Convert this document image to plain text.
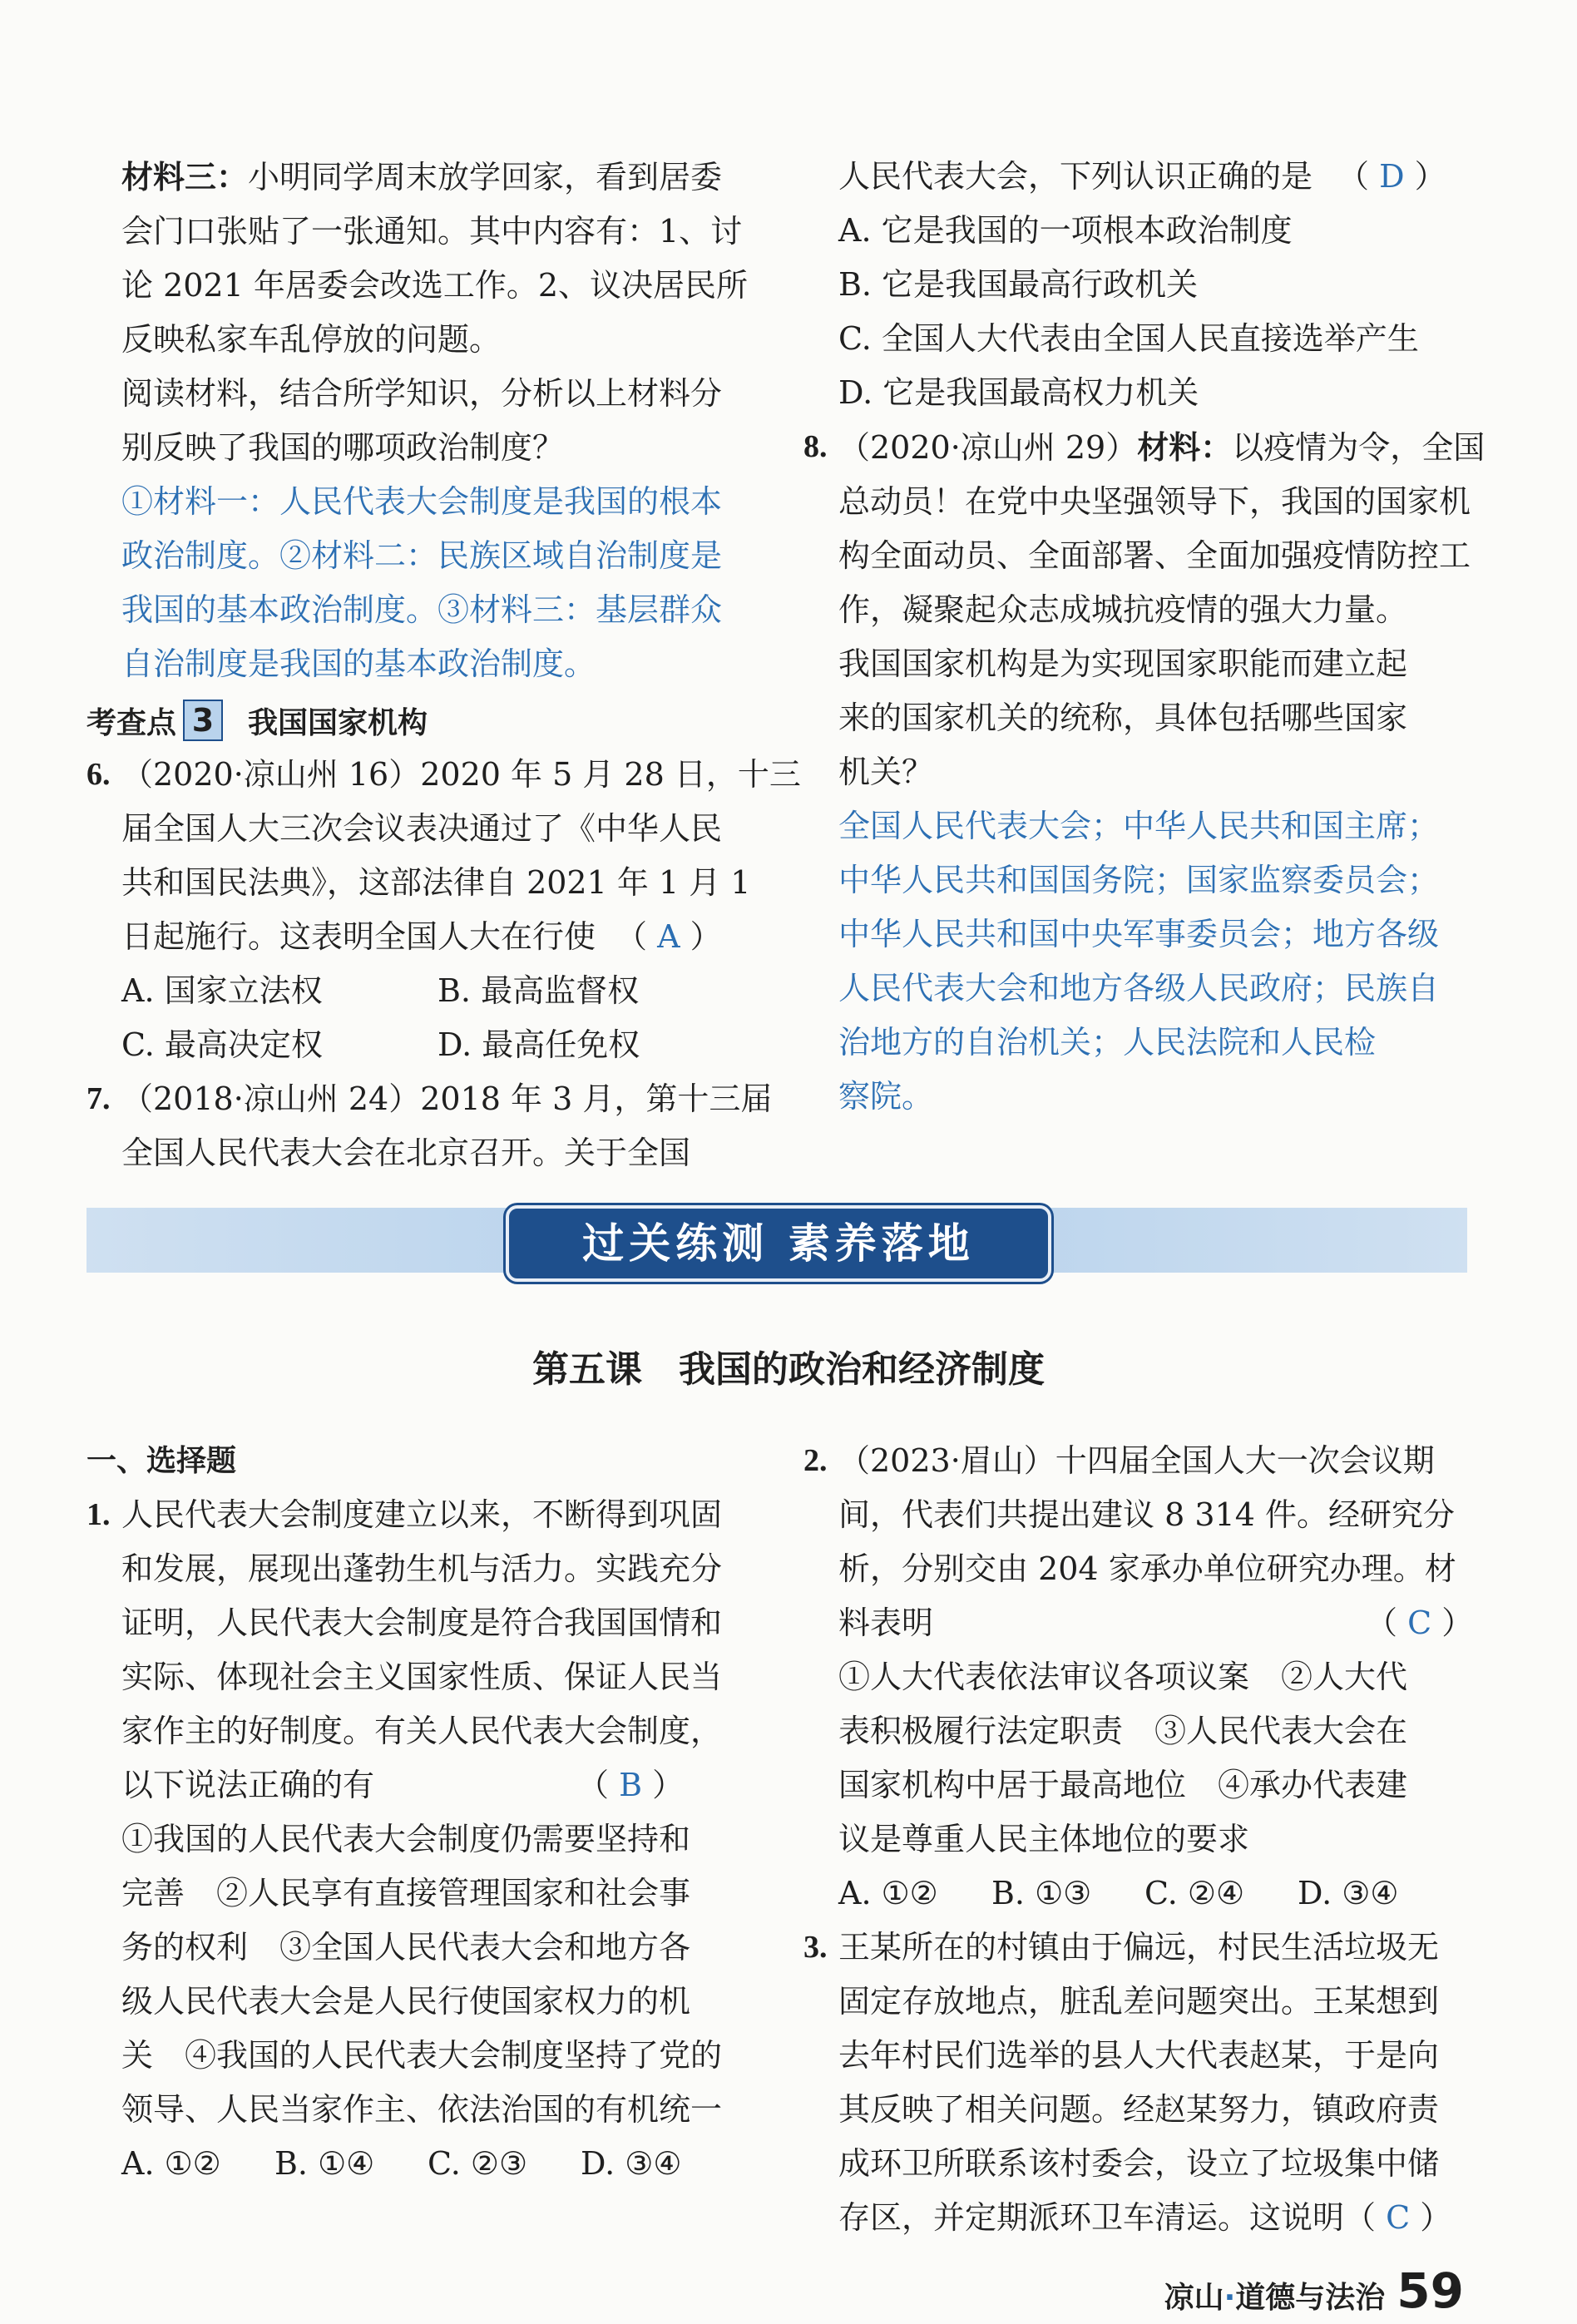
材料三：小明同学周末放学回家，看到居委

会门口张贴了一张通知。其中内容有：1、讨

论 2021 年居委会改选工作。2、议决居民所

反映私家车乱停放的问题。

阅读材料，结合所学知识，分析以上材料分

别反映了我国的哪项政治制度？

①材料一：人民代表大会制度是我国的根本

政治制度。②材料二：民族区域自治制度是

我国的基本政治制度。③材料三：基层群众

自治制度是我国的基本政治制度。

考查点 3 我国国家机构
6. （2020·凉山州 16）2020 年 5 月 28 日，十三

届全国人大三次会议表决通过了《中华人民

共和国民法典》，这部法律自 2021 年 1 月 1

日起施行。这表明全国人大在行使 （ A ）

A. 国家立法权	B. 最高监督权
C. 最高决定权	D. 最高任免权
7. （2018·凉山州 24）2018 年 3 月，第十三届

全国人民代表大会在北京召开。关于全国

人民代表大会，下列认识正确的是 （ D ）

A. 它是我国的一项根本政治制度

B. 它是我国最高行政机关

C. 全国人大代表由全国人民直接选举产生

D. 它是我国最高权力机关

8. （2020·凉山州 29）材料：以疫情为令，全国

总动员！在党中央坚强领导下，我国的国家机

构全面动员、全面部署、全面加强疫情防控工

作，凝聚起众志成城抗疫情的强大力量。

我国国家机构是为实现国家职能而建立起

来的国家机关的统称，具体包括哪些国家

机关？

全国人民代表大会；中华人民共和国主席；

中华人民共和国国务院；国家监察委员会；

中华人民共和国中央军事委员会；地方各级

人民代表大会和地方各级人民政府；民族自

治地方的自治机关；人民法院和人民检

察院。

过关练测 素养落地
第五课　我国的政治和经济制度

一、选择题

1. 人民代表大会制度建立以来，不断得到巩固

和发展，展现出蓬勃生机与活力。实践充分

证明，人民代表大会制度是符合我国国情和

实际、体现社会主义国家性质、保证人民当

家作主的好制度。有关人民代表大会制度，

以下说法正确的有	（ B ）

①我国的人民代表大会制度仍需要坚持和

完善　②人民享有直接管理国家和社会事

务的权利　③全国人民代表大会和地方各

级人民代表大会是人民行使国家权力的机

关　④我国的人民代表大会制度坚持了党的

领导、人民当家作主、依法治国的有机统一

A. ①②	B. ①④	C. ②③	D. ③④
2. （2023·眉山）十四届全国人大一次会议期

间，代表们共提出建议 8 314 件。经研究分

析，分别交由 204 家承办单位研究办理。材

料表明	（ C ）

①人大代表依法审议各项议案　②人大代

表积极履行法定职责　③人民代表大会在

国家机构中居于最高地位　④承办代表建

议是尊重人民主体地位的要求

A. ①②	B. ①③	C. ②④	D. ③④
3. 王某所在的村镇由于偏远，村民生活垃圾无

固定存放地点，脏乱差问题突出。王某想到

去年村民们选举的县人大代表赵某，于是向

其反映了相关问题。经赵某努力，镇政府责

成环卫所联系该村委会，设立了垃圾集中储

存区，并定期派环卫车清运。这说明（ C ）

凉山 · 道德与法治 59
